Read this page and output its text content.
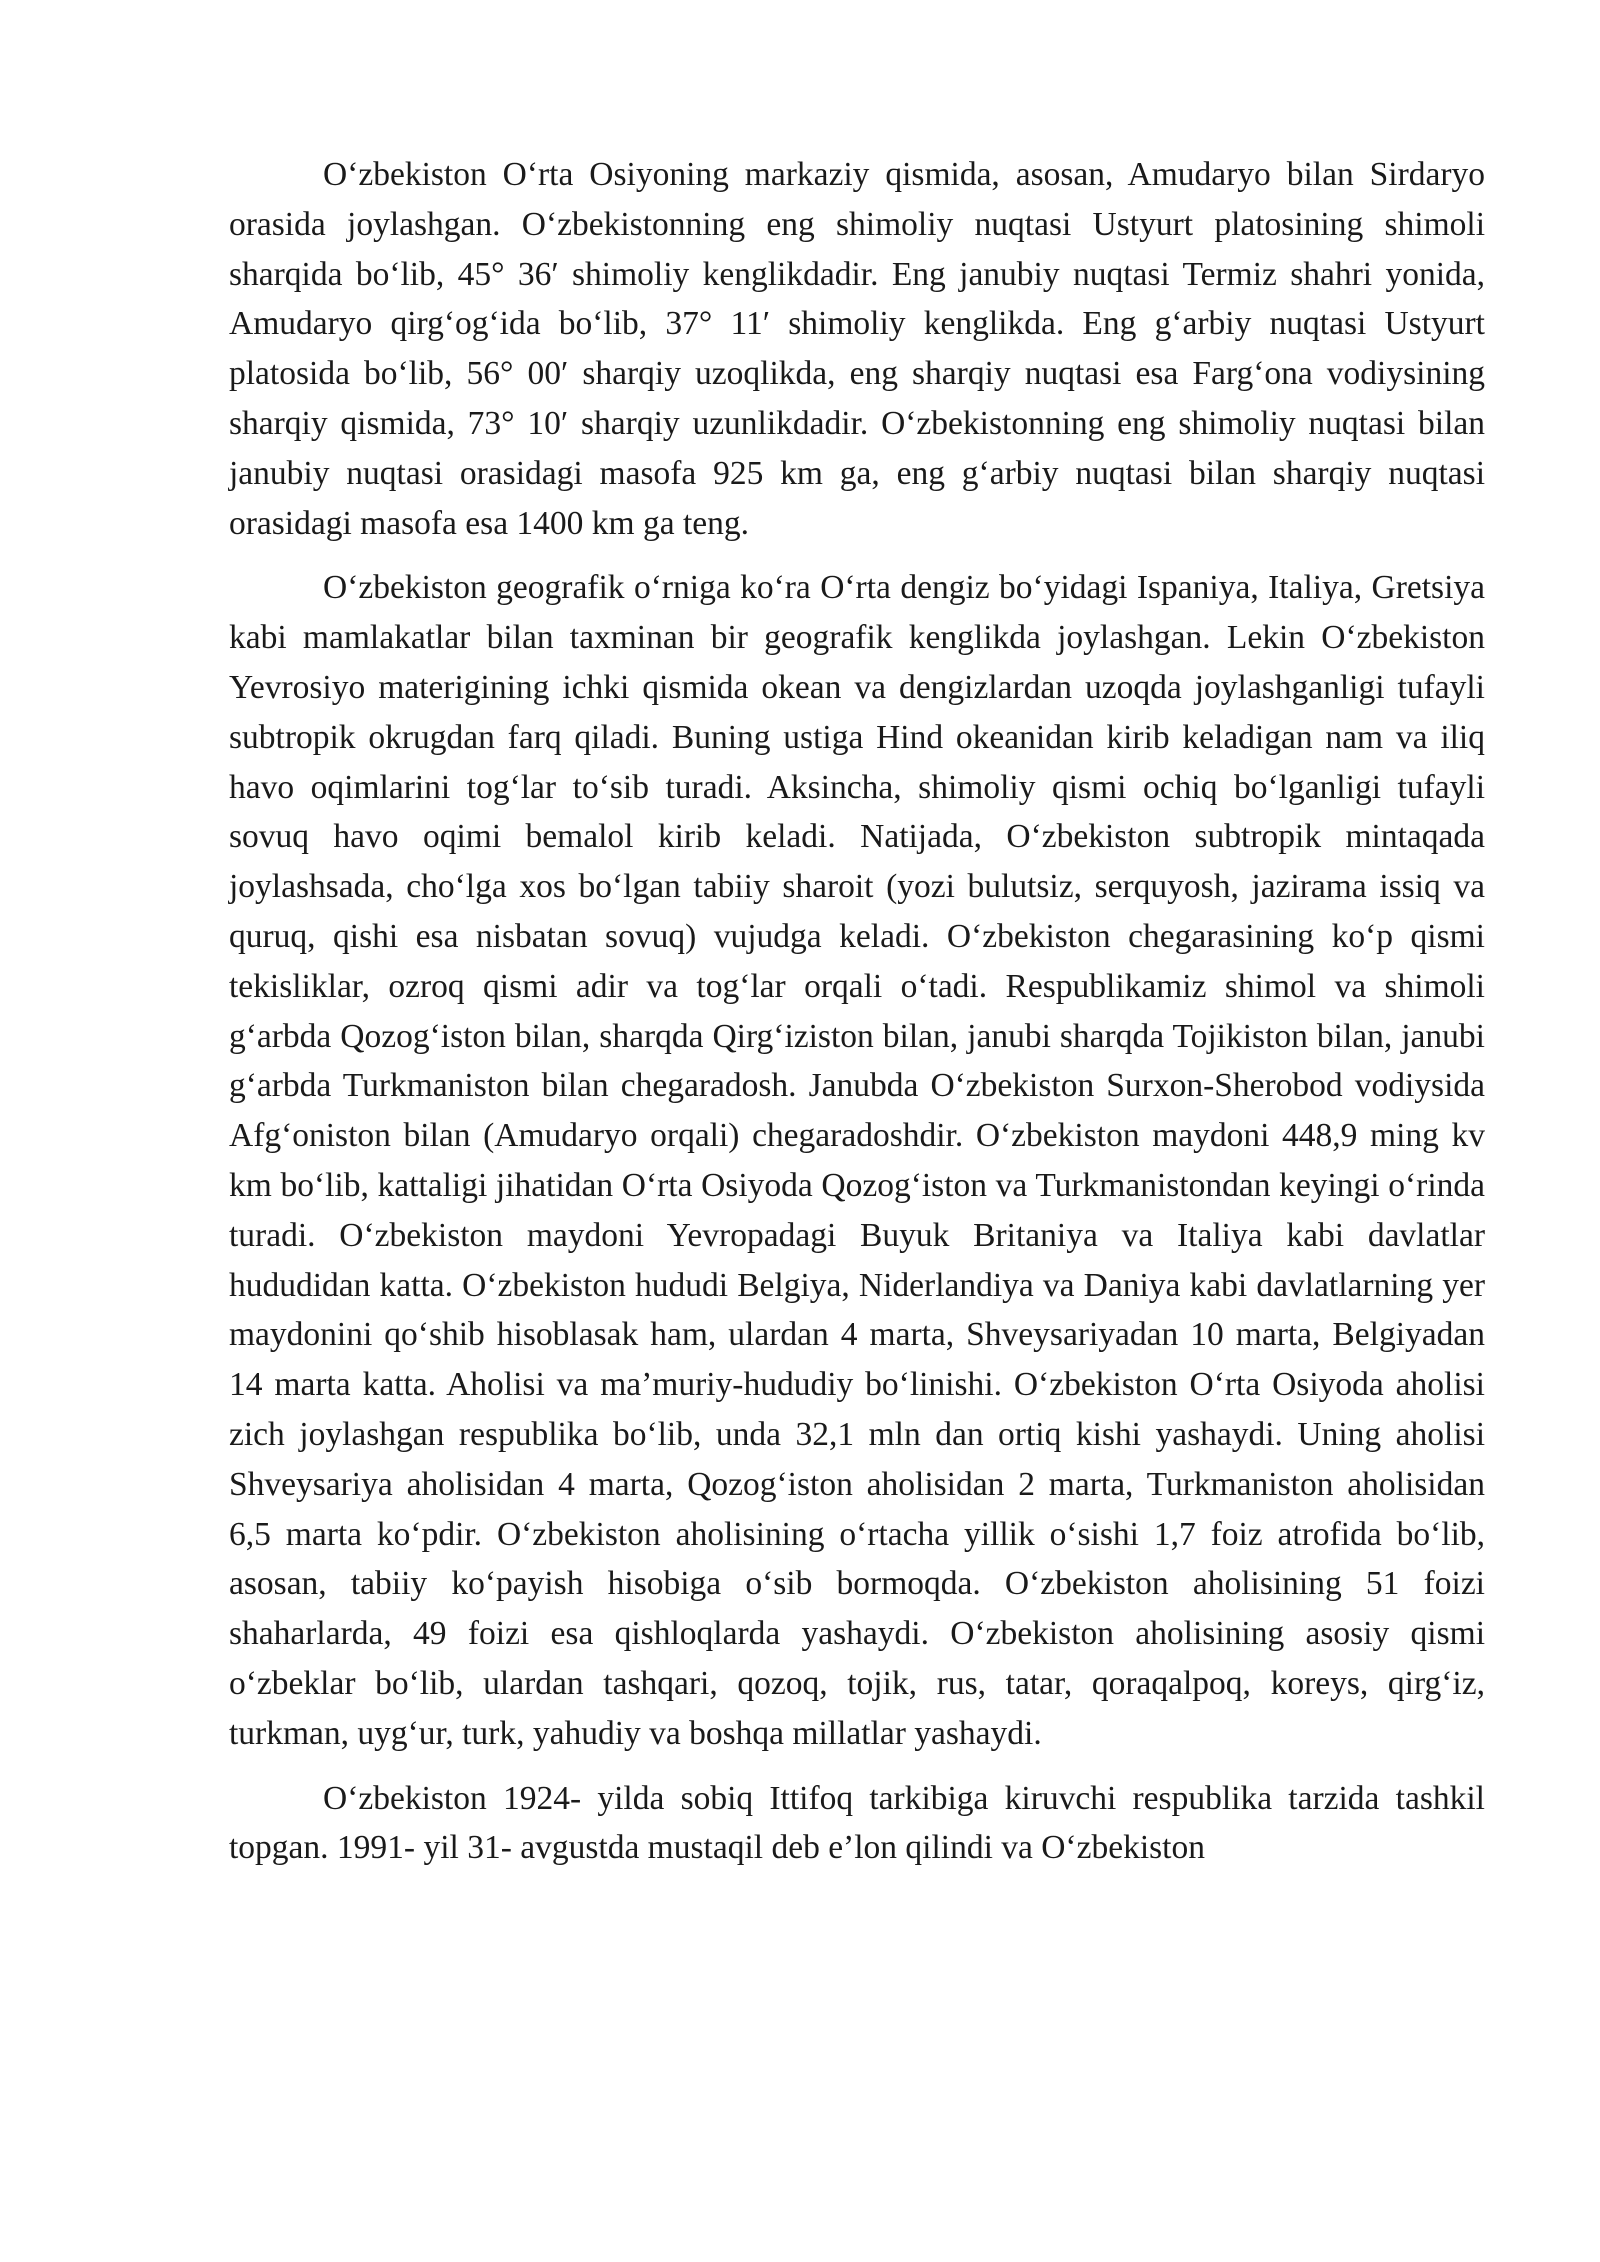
O‘zbekiston O‘rta Osiyoning markaziy qismida, asosan, Amudaryo bilan Sirdaryo orasida joylashgan. O‘zbekistonning eng shimoliy nuqtasi Ustyurt platosining shimoli sharqida bo‘lib, 45° 36′ shimoliy kenglikdadir. Eng janubiy nuqtasi Termiz shahri yonida, Amudaryo qirg‘og‘ida bo‘lib, 37° 11′ shimoliy kenglikda. Eng g‘arbiy nuqtasi Ustyurt platosida bo‘lib, 56° 00′ sharqiy uzoqlikda, eng sharqiy nuqtasi esa Farg‘ona vodiysining sharqiy qismida, 73° 10′ sharqiy uzunlikdadir. O‘zbekistonning eng shimoliy nuqtasi bilan janubiy nuqtasi orasidagi masofa 925 km ga, eng g‘arbiy nuqtasi bilan sharqiy nuqtasi orasidagi masofa esa 1400 km ga teng.

O‘zbekiston geografik o‘rniga ko‘ra O‘rta dengiz bo‘yidagi Ispaniya, Italiya, Gretsiya kabi mamlakatlar bilan taxminan bir geografik kenglikda joylashgan. Lekin O‘zbekiston Yevrosiyo materigining ichki qismida okean va dengizlardan uzoqda joylashganligi tufayli subtropik okrugdan farq qiladi. Buning ustiga Hind okeanidan kirib keladigan nam va iliq havo oqimlarini tog‘lar to‘sib turadi. Aksincha, shimoliy qismi ochiq bo‘lganligi tufayli sovuq havo oqimi bemalol kirib keladi. Natijada, O‘zbekiston subtropik mintaqada joylashsada, cho‘lga xos bo‘lgan tabiiy sharoit (yozi bulutsiz, serquyosh, jazirama issiq va quruq, qishi esa nisbatan sovuq) vujudga keladi. O‘zbekiston chegarasining ko‘p qismi tekisliklar, ozroq qismi adir va tog‘lar orqali o‘tadi. Respublikamiz shimol va shimoli g‘arbda Qozog‘iston bilan, sharqda Qirg‘iziston bilan, janubi sharqda Tojikiston bilan, janubi g‘arbda Turkmaniston bilan chegaradosh. Janubda O‘zbekiston Surxon-Sherobod vodiysida Afg‘oniston bilan (Amudaryo orqali) chegaradoshdir. O‘zbekiston maydoni 448,9 ming kv km bo‘lib, kattaligi jihatidan O‘rta Osiyoda Qozog‘iston va Turkmanistondan keyingi o‘rinda turadi. O‘zbekiston maydoni Yevropadagi Buyuk Britaniya va Italiya kabi davlatlar hududidan katta. O‘zbekiston hududi Belgiya, Niderlandiya va Daniya kabi davlatlarning yer maydonini qo‘shib hisoblasak ham, ulardan 4 marta, Shveysariyadan 10 marta, Belgiyadan 14 marta katta. Aholisi va ma’muriy-hududiy bo‘linishi. O‘zbekiston O‘rta Osiyoda aholisi zich joylashgan respublika bo‘lib, unda 32,1 mln dan ortiq kishi yashaydi. Uning aholisi Shveysariya aholisidan 4 marta, Qozog‘iston aholisidan 2 marta, Turkmaniston aholisidan 6,5 marta ko‘pdir. O‘zbekiston aholisining o‘rtacha yillik o‘sishi 1,7 foiz atrofida bo‘lib, asosan, tabiiy ko‘payish hisobiga o‘sib bormoqda. O‘zbekiston aholisining 51 foizi shaharlarda, 49 foizi esa qishloqlarda yashaydi. O‘zbekiston aholisining asosiy qismi o‘zbeklar bo‘lib, ulardan tashqari, qozoq, tojik, rus, tatar, qoraqalpoq, koreys, qirg‘iz, turkman, uyg‘ur, turk, yahudiy va boshqa millatlar yashaydi.

O‘zbekiston 1924- yilda sobiq Ittifoq tarkibiga kiruvchi respublika tarzida tashkil topgan. 1991- yil 31- avgustda mustaqil deb e’lon qilindi va O‘zbekiston
